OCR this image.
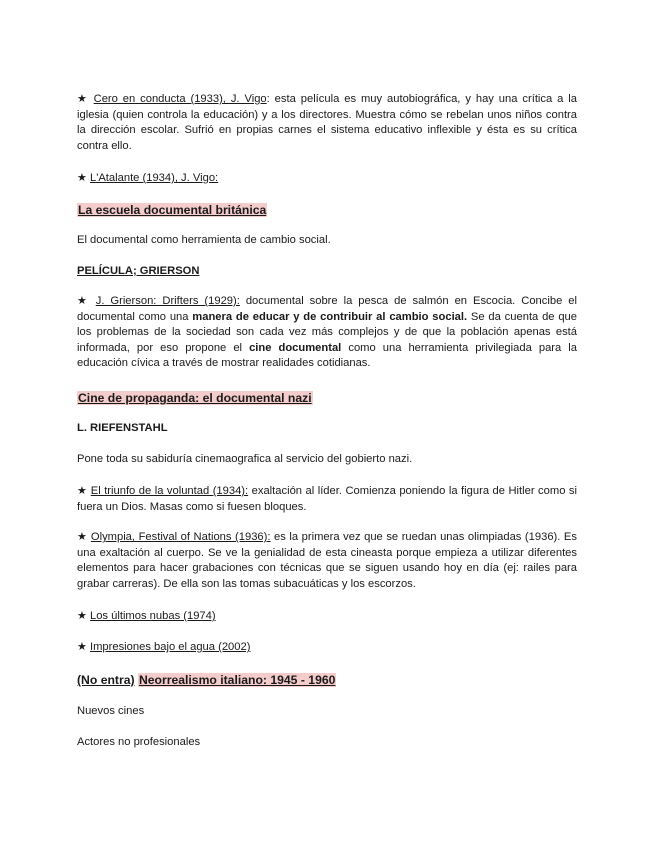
★ Cero en conducta (1933), J. Vigo: esta película es muy autobiográfica, y hay una crítica a la iglesia (quien controla la educación) y a los directores. Muestra cómo se rebelan unos niños contra la dirección escolar. Sufrió en propias carnes el sistema educativo inflexible y ésta es su crítica contra ello.

★ L'Atalante (1934), J. Vigo:

La escuela documental británica

El documental como herramienta de cambio social.

PELÍCULA; GRIERSON

★ J. Grierson: Drifters (1929): documental sobre la pesca de salmón en Escocia. Concibe el documental como una manera de educar y de contribuir al cambio social. Se da cuenta de que los problemas de la sociedad son cada vez más complejos y de que la población apenas está informada, por eso propone el cine documental como una herramienta privilegiada para la educación cívica a través de mostrar realidades cotidianas.

Cine de propaganda: el documental nazi
L. RIEFENSTAHL

Pone toda su sabiduría cinemaografica al servicio del gobierto nazi.

★ El triunfo de la voluntad (1934): exaltación al líder. Comienza poniendo la figura de Hitler como si fuera un Dios. Masas como si fuesen bloques.

★ Olympia, Festival of Nations (1936): es la primera vez que se ruedan unas olimpiadas (1936). Es una exaltación al cuerpo. Se ve la genialidad de esta cineasta porque empieza a utilizar diferentes elementos para hacer grabaciones con técnicas que se siguen usando hoy en día (ej: railes para grabar carreras). De ella son las tomas subacuáticas y los escorzos.

★ Los últimos nubas (1974)

★ Impresiones bajo el agua (2002)

(No entra) Neorrealismo italiano: 1945 - 1960

Nuevos cines

Actores no profesionales
